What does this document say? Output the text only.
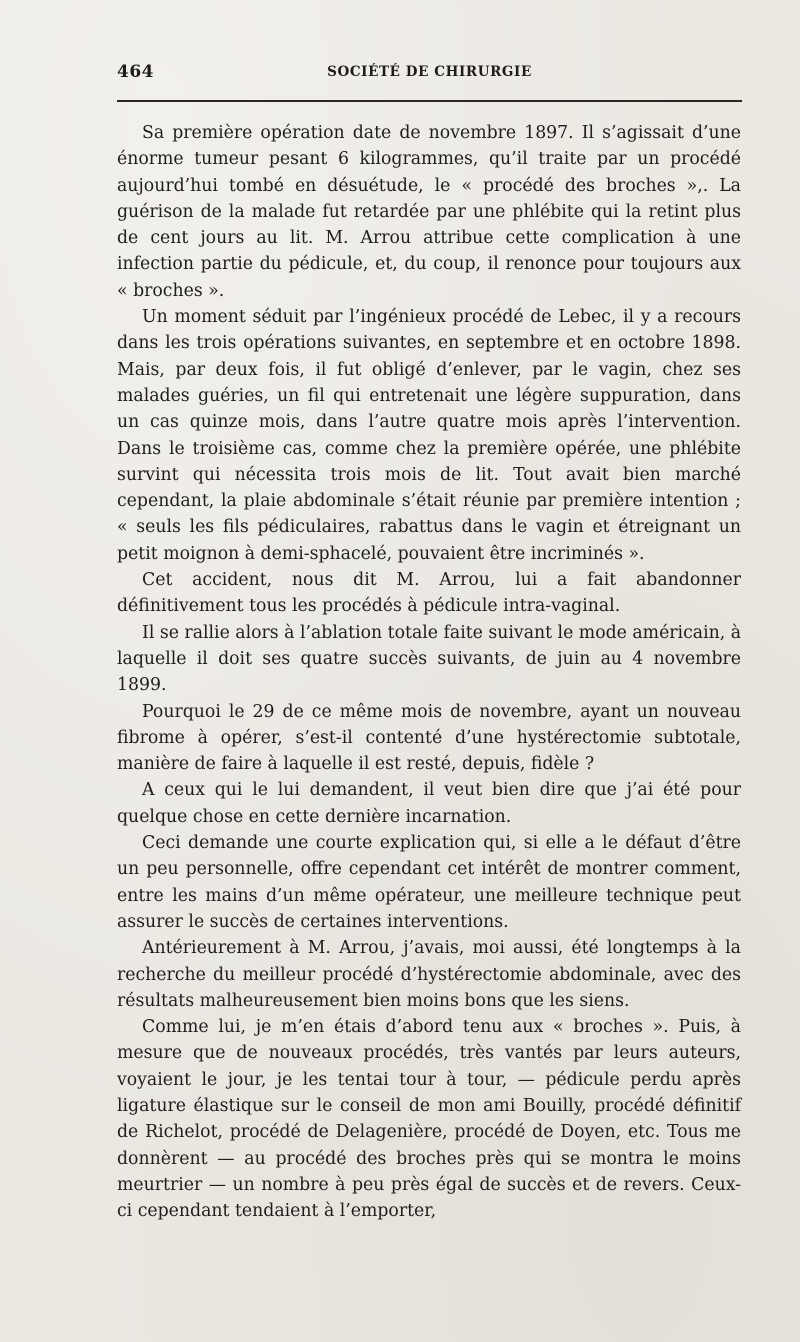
464	SOCIÉTÉ DE CHIRURGIE

Sa première opération date de novembre 1897. Il s’agissait d’une énorme tumeur pesant 6 kilogrammes, qu’il traite par un procédé aujourd’hui tombé en désuétude, le « procédé des broches »,. La guérison de la malade fut retardée par une phlébite qui la retint plus de cent jours au lit. M. Arrou attribue cette complication à une infection partie du pédicule, et, du coup, il renonce pour toujours aux « broches ».

Un moment séduit par l’ingénieux procédé de Lebec, il y a recours dans les trois opérations suivantes, en septembre et en octobre 1898. Mais, par deux fois, il fut obligé d’enlever, par le vagin, chez ses malades guéries, un fil qui entretenait une légère suppuration, dans un cas quinze mois, dans l’autre quatre mois après l’intervention. Dans le troisième cas, comme chez la première opérée, une phlébite survint qui nécessita trois mois de lit. Tout avait bien marché cependant, la plaie abdominale s’était réunie par première intention ; « seuls les fils pédiculaires, rabattus dans le vagin et étreignant un petit moignon à demi-sphacelé, pouvaient être incriminés ».

Cet accident, nous dit M. Arrou, lui a fait abandonner définitivement tous les procédés à pédicule intra-vaginal.

Il se rallie alors à l’ablation totale faite suivant le mode américain, à laquelle il doit ses quatre succès suivants, de juin au 4 novembre 1899.

Pourquoi le 29 de ce même mois de novembre, ayant un nouveau fibrome à opérer, s’est-il contenté d’une hystérectomie subtotale, manière de faire à laquelle il est resté, depuis, fidèle ?

A ceux qui le lui demandent, il veut bien dire que j’ai été pour quelque chose en cette dernière incarnation.

Ceci demande une courte explication qui, si elle a le défaut d’être un peu personnelle, offre cependant cet intérêt de montrer comment, entre les mains d’un même opérateur, une meilleure technique peut assurer le succès de certaines interventions.

Antérieurement à M. Arrou, j’avais, moi aussi, été longtemps à la recherche du meilleur procédé d’hystérectomie abdominale, avec des résultats malheureusement bien moins bons que les siens.

Comme lui, je m’en étais d’abord tenu aux « broches ». Puis, à mesure que de nouveaux procédés, très vantés par leurs auteurs, voyaient le jour, je les tentai tour à tour, — pédicule perdu après ligature élastique sur le conseil de mon ami Bouilly, procédé définitif de Richelot, procédé de Delagenière, procédé de Doyen, etc. Tous me donnèrent — au procédé des broches près qui se montra le moins meurtrier — un nombre à peu près égal de succès et de revers. Ceux-ci cependant tendaient à l’emporter,
